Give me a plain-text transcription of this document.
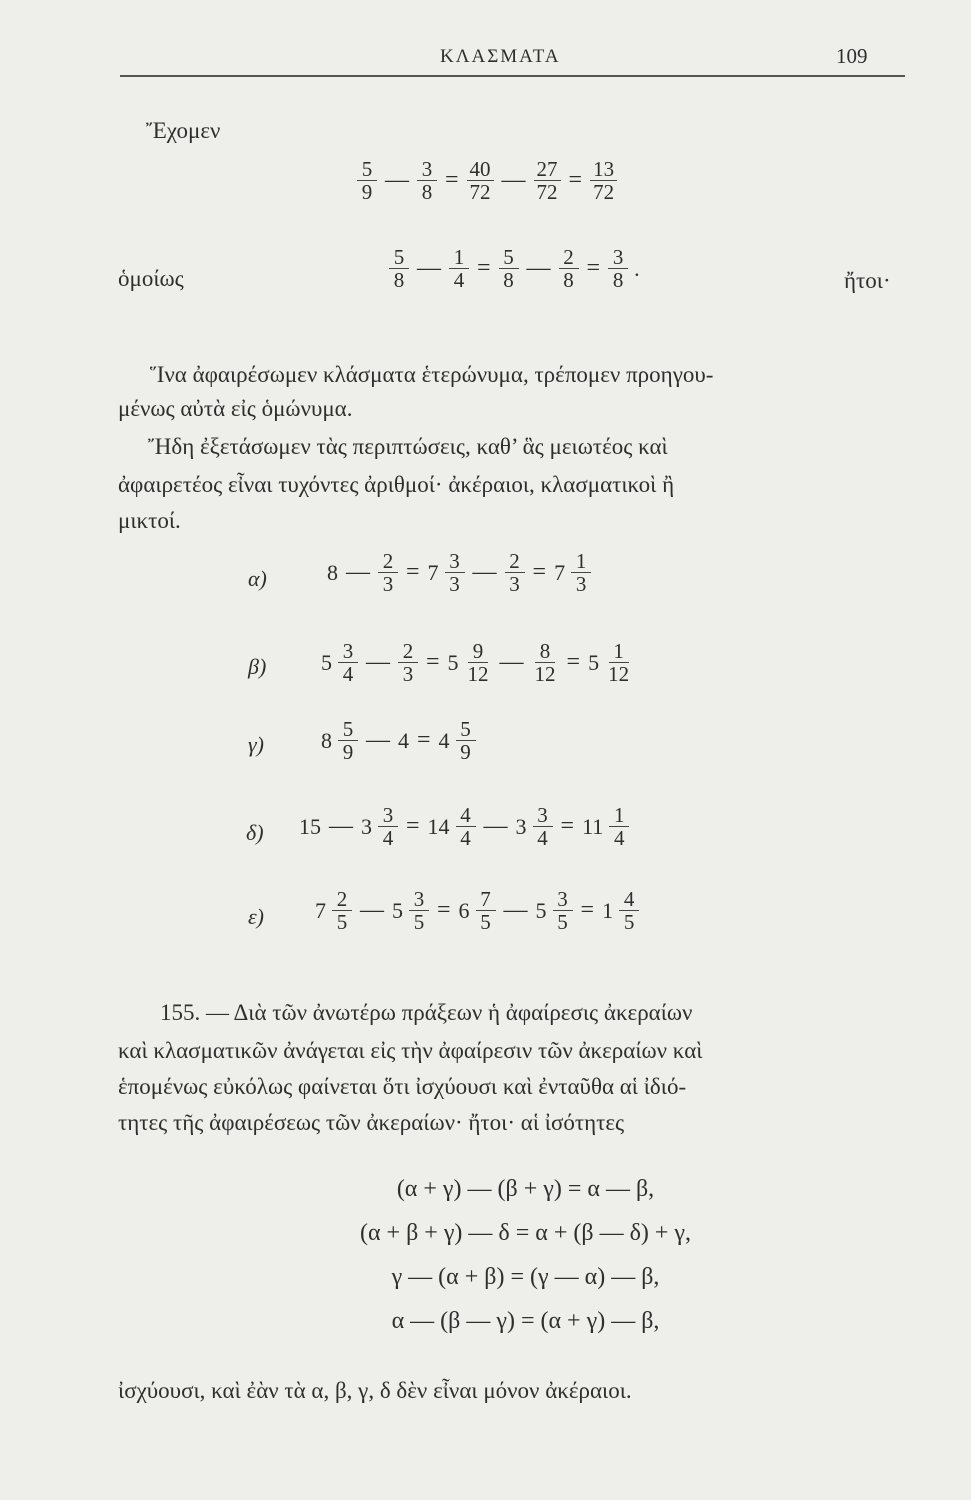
ΚΛΑΣΜΑΤΑ	109
Ἔχομεν
$\frac{5}{9}$ — $\frac{3}{8} = \frac{40}{72}$ — $\frac{27}{72} = \frac{13}{72}$
ὁμοίως	$\frac{5}{8}$ — $\frac{1}{4} = \frac{5}{8}$ — $\frac{2}{8} = \frac{3}{8}$ .	ἤτοι·
Ἵνα ἀφαιρέσωμεν κλάσματα ἑτερώνυμα, τρέπομεν προηγου-
μένως αὐτὰ εἰς ὁμώνυμα.
Ἤδη ἐξετάσωμεν τὰς περιπτώσεις, καθ’ ἃς μειωτέος καὶ
ἀφαιρετέος εἶναι τυχόντες ἀριθμοί· ἀκέραιοι, κλασματικοὶ ἢ
μικτοί.
α)	8 — $\frac{2}{3} = 7 \frac{3}{3}$ — $\frac{2}{3} = 7 \frac{1}{3}$
β) $5 \frac{3}{4}$ — $\frac{2}{3} = 5 \frac{9}{12}$ — $\frac{8}{12} = 5 \frac{1}{12}$
γ)	$8 \frac{5}{9}$ — $4 = 4 \frac{5}{9}$
δ) 15 — $3 \frac{3}{4} = 14 \frac{4}{4}$ — $3 \frac{3}{4} = 11 \frac{1}{4}$
ε) $7 \frac{2}{5}$ — $5 \frac{3}{5} = 6 \frac{7}{5}$ — $5 \frac{3}{5} = 1 \frac{4}{5}$
155. — Διὰ τῶν ἀνωτέρω πράξεων ἡ ἀφαίρεσις ἀκεραίων
καὶ κλασματικῶν ἀνάγεται εἰς τὴν ἀφαίρεσιν τῶν ἀκεραίων καὶ
ἑπομένως εὐκόλως φαίνεται ὅτι ἰσχύουσι καὶ ἐνταῦθα αἱ ἰδιό-
τητες τῆς ἀφαιρέσεως τῶν ἀκεραίων· ἤτοι· αἱ ἰσότητες
(α + γ) — (β + γ) = α — β,
(α + β + γ) — δ = α + (β — δ) + γ,
γ — (α + β) = (γ — α) — β,
α — (β — γ) = (α + γ) — β,
ἰσχύουσι, καὶ ἐὰν τὰ α, β, γ, δ δὲν εἶναι μόνον ἀκέραιοι.
